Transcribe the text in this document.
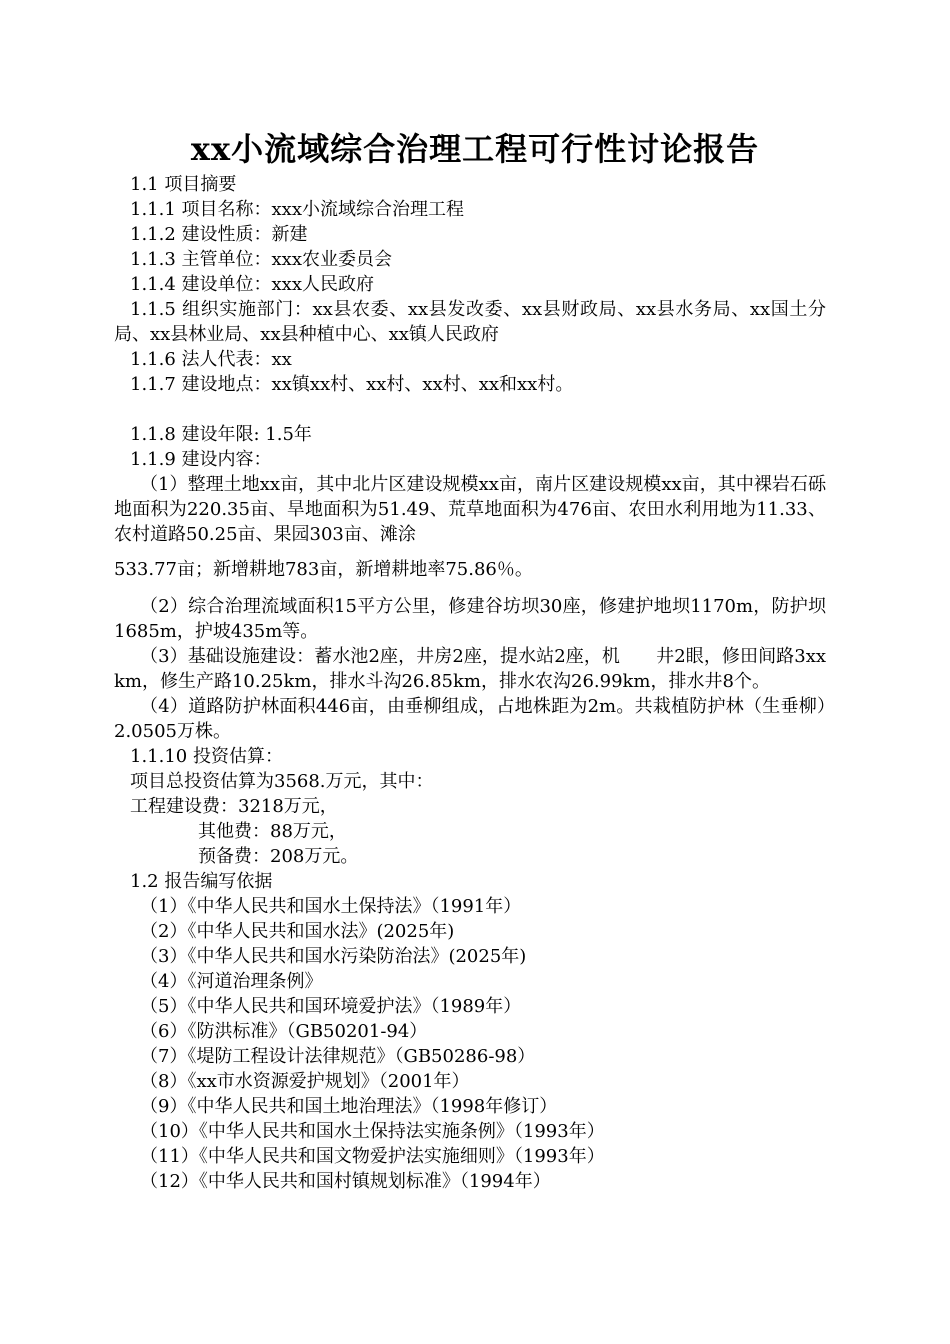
xx小流域综合治理工程可行性讨论报告
1.1 项目摘要
1.1.1 项目名称：xxx小流域综合治理工程
1.1.2 建设性质：新建
1.1.3 主管单位：xxx农业委员会
1.1.4 建设单位：xxx人民政府
1.1.5 组织实施部门：xx县农委、xx县发改委、xx县财政局、xx县水务局、xx国土分局、xx县林业局、xx县种植中心、xx镇人民政府
1.1.6 法人代表：xx
1.1.7 建设地点：xx镇xx村、xx村、xx村、xx和xx村。
1.1.8 建设年限: 1.5年
1.1.9 建设内容：
（1）整理土地xx亩，其中北片区建设规模xx亩，南片区建设规模xx亩，其中裸岩石砾地面积为220.35亩、旱地面积为51.49、荒草地面积为476亩、农田水利用地为11.33、农村道路50.25亩、果园303亩、滩涂
533.77亩；新增耕地783亩，新增耕地率75.86％。
（2）综合治理流域面积15平方公里，修建谷坊坝30座，修建护地坝1170m，防护坝1685m，护坡435m等。
（3）基础设施建设：蓄水池2座，井房2座，提水站2座，机　　井2眼，修田间路3xxkm，修生产路10.25km，排水斗沟26.85km，排水农沟26.99km，排水井8个。
（4）道路防护林面积446亩，由垂柳组成，占地株距为2m。共栽植防护林（生垂柳）2.0505万株。
1.1.10 投资估算：
项目总投资估算为3568.万元，其中：
工程建设费：3218万元，
其他费：88万元，
预备费：208万元。
1.2 报告编写依据
（1）《中华人民共和国水土保持法》（1991年）
（2）《中华人民共和国水法》(2025年)
（3）《中华人民共和国水污染防治法》(2025年)
（4）《河道治理条例》
（5）《中华人民共和国环境爱护法》（1989年）
（6）《防洪标准》（GB50201-94）
（7）《堤防工程设计法律规范》（GB50286-98）
（8）《xx市水资源爱护规划》（2001年）
（9）《中华人民共和国土地治理法》（1998年修订）
（10）《中华人民共和国水土保持法实施条例》（1993年）
（11）《中华人民共和国文物爱护法实施细则》（1993年）
（12）《中华人民共和国村镇规划标准》（1994年）
